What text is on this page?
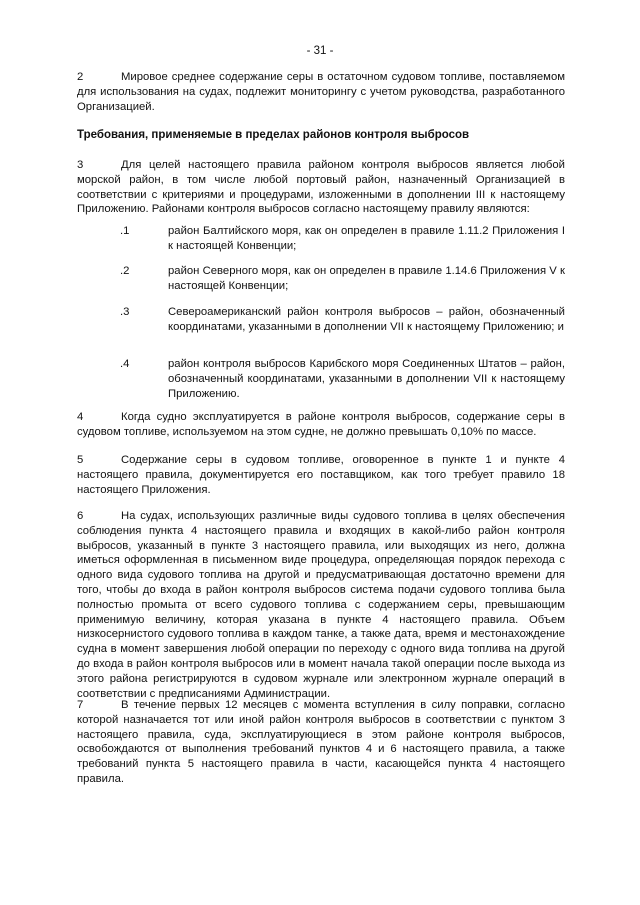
- 31 -
2	Мировое среднее содержание серы в остаточном судовом топливе, поставляемом для использования на судах, подлежит мониторингу с учетом руководства, разработанного Организацией.
Требования, применяемые в пределах районов контроля выбросов
3	Для целей настоящего правила районом контроля выбросов является любой морской район, в том числе любой портовый район, назначенный Организацией в соответствии с критериями и процедурами, изложенными в дополнении III к настоящему Приложению. Районами контроля выбросов согласно настоящему правилу являются:
.1	район Балтийского моря, как он определен в правиле 1.11.2 Приложения I к настоящей Конвенции;
.2	район Северного моря, как он определен в правиле 1.14.6 Приложения V к настоящей Конвенции;
.3	Североамериканский район контроля выбросов – район, обозначенный координатами, указанными в дополнении VII к настоящему Приложению; и
.4	район контроля выбросов Карибского моря Соединенных Штатов – район, обозначенный координатами, указанными в дополнении VII к настоящему Приложению.
4	Когда судно эксплуатируется в районе контроля выбросов, содержание серы в судовом топливе, используемом на этом судне, не должно превышать 0,10% по массе.
5	Содержание серы в судовом топливе, оговоренное в пункте 1 и пункте 4 настоящего правила, документируется его поставщиком, как того требует правило 18 настоящего Приложения.
6	На судах, использующих различные виды судового топлива в целях обеспечения соблюдения пункта 4 настоящего правила и входящих в какой-либо район контроля выбросов, указанный в пункте 3 настоящего правила, или выходящих из него, должна иметься оформленная в письменном виде процедура, определяющая порядок перехода с одного вида судового топлива на другой и предусматривающая достаточно времени для того, чтобы до входа в район контроля выбросов система подачи судового топлива была полностью промыта от всего судового топлива с содержанием серы, превышающим применимую величину, которая указана в пункте 4 настоящего правила. Объем низкосернистого судового топлива в каждом танке, а также дата, время и местонахождение судна в момент завершения любой операции по переходу с одного вида топлива на другой до входа в район контроля выбросов или в момент начала такой операции после выхода из этого района регистрируются в судовом журнале или электронном журнале операций в соответствии с предписаниями Администрации.
7	В течение первых 12 месяцев с момента вступления в силу поправки, согласно которой назначается тот или иной район контроля выбросов в соответствии с пунктом 3 настоящего правила, суда, эксплуатирующиеся в этом районе контроля выбросов, освобождаются от выполнения требований пунктов 4 и 6 настоящего правила, а также требований пункта 5 настоящего правила в части, касающейся пункта 4 настоящего правила.
